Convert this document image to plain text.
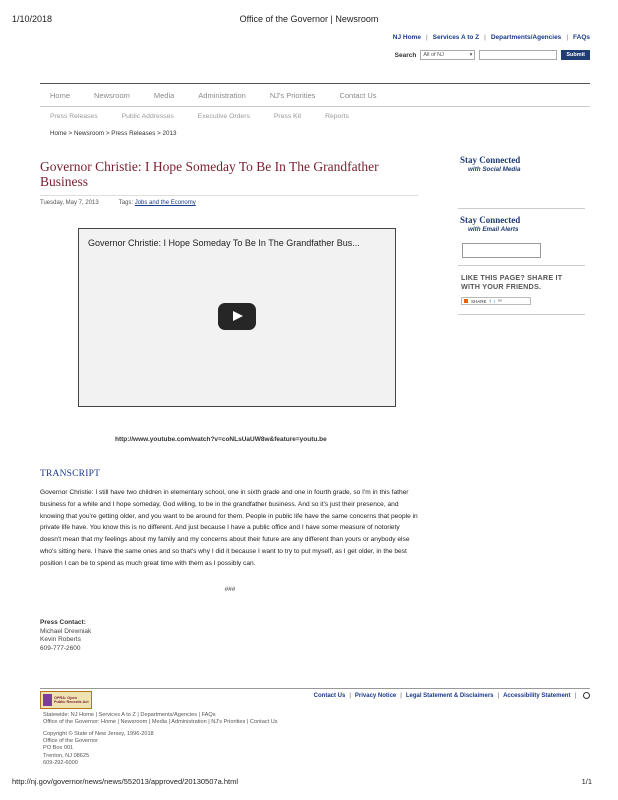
1/10/2018	Office of the Governor | Newsroom
NJ Home | Services A to Z | Departments/Agencies | FAQs
Search All of NJ	▾	Submit
Home	Newsroom	Media	Administration	NJ's Priorities	Contact Us
Press Releases	Public Addresses	Executive Orders	Press Kit	Reports
Home > Newsroom > Press Releases > 2013
Governor Christie: I Hope Someday To Be In The Grandfather Business
Tuesday, May 7, 2013	Tags: Jobs and the Economy
Governor Christie: I Hope Someday To Be In The Grandfather Bus...
http://www.youtube.com/watch?v=coNLsUaUW8w&feature=youtu.be
TRANSCRIPT
Governor Christie: I still have two children in elementary school, one in sixth grade and one in fourth grade, so I'm in this father business for a while and I hope someday, God willing, to be in the grandfather business. And so it's just their presence, and knowing that you're getting older, and you want to be around for them. People in public life have the same concerns that people in private life have. You know this is no different. And just because I have a public office and I have some measure of notoriety doesn't mean that my feelings about my family and my concerns about their future are any different than yours or anybody else who's sitting here. I have the same ones and so that's why I did it because I want to try to put myself, as I get older, in the best position I can be to spend as much great time with them as I possibly can.
###
Press Contact:
Michael Drewniak
Kevin Roberts
609-777-2600
Stay Connected
with Social Media
Stay Connected
with Email Alerts
LIKE THIS PAGE? SHARE IT
WITH YOUR FRIENDS.
SHARE f t ✉
OPRA: Open
Public Records Act
Contact Us | Privacy Notice | Legal Statement & Disclaimers | Accessibility Statement |
Statewide: NJ Home | Services A to Z | Departments/Agencies | FAQs
Office of the Governor: Home | Newsroom | Media | Administration | NJ's Priorities | Contact Us
Copyright © State of New Jersey, 1996-2018
Office of the Governor
PO Box 001
Trenton, NJ 08625
609-292-6000
http://nj.gov/governor/news/news/552013/approved/20130507a.html	1/1
